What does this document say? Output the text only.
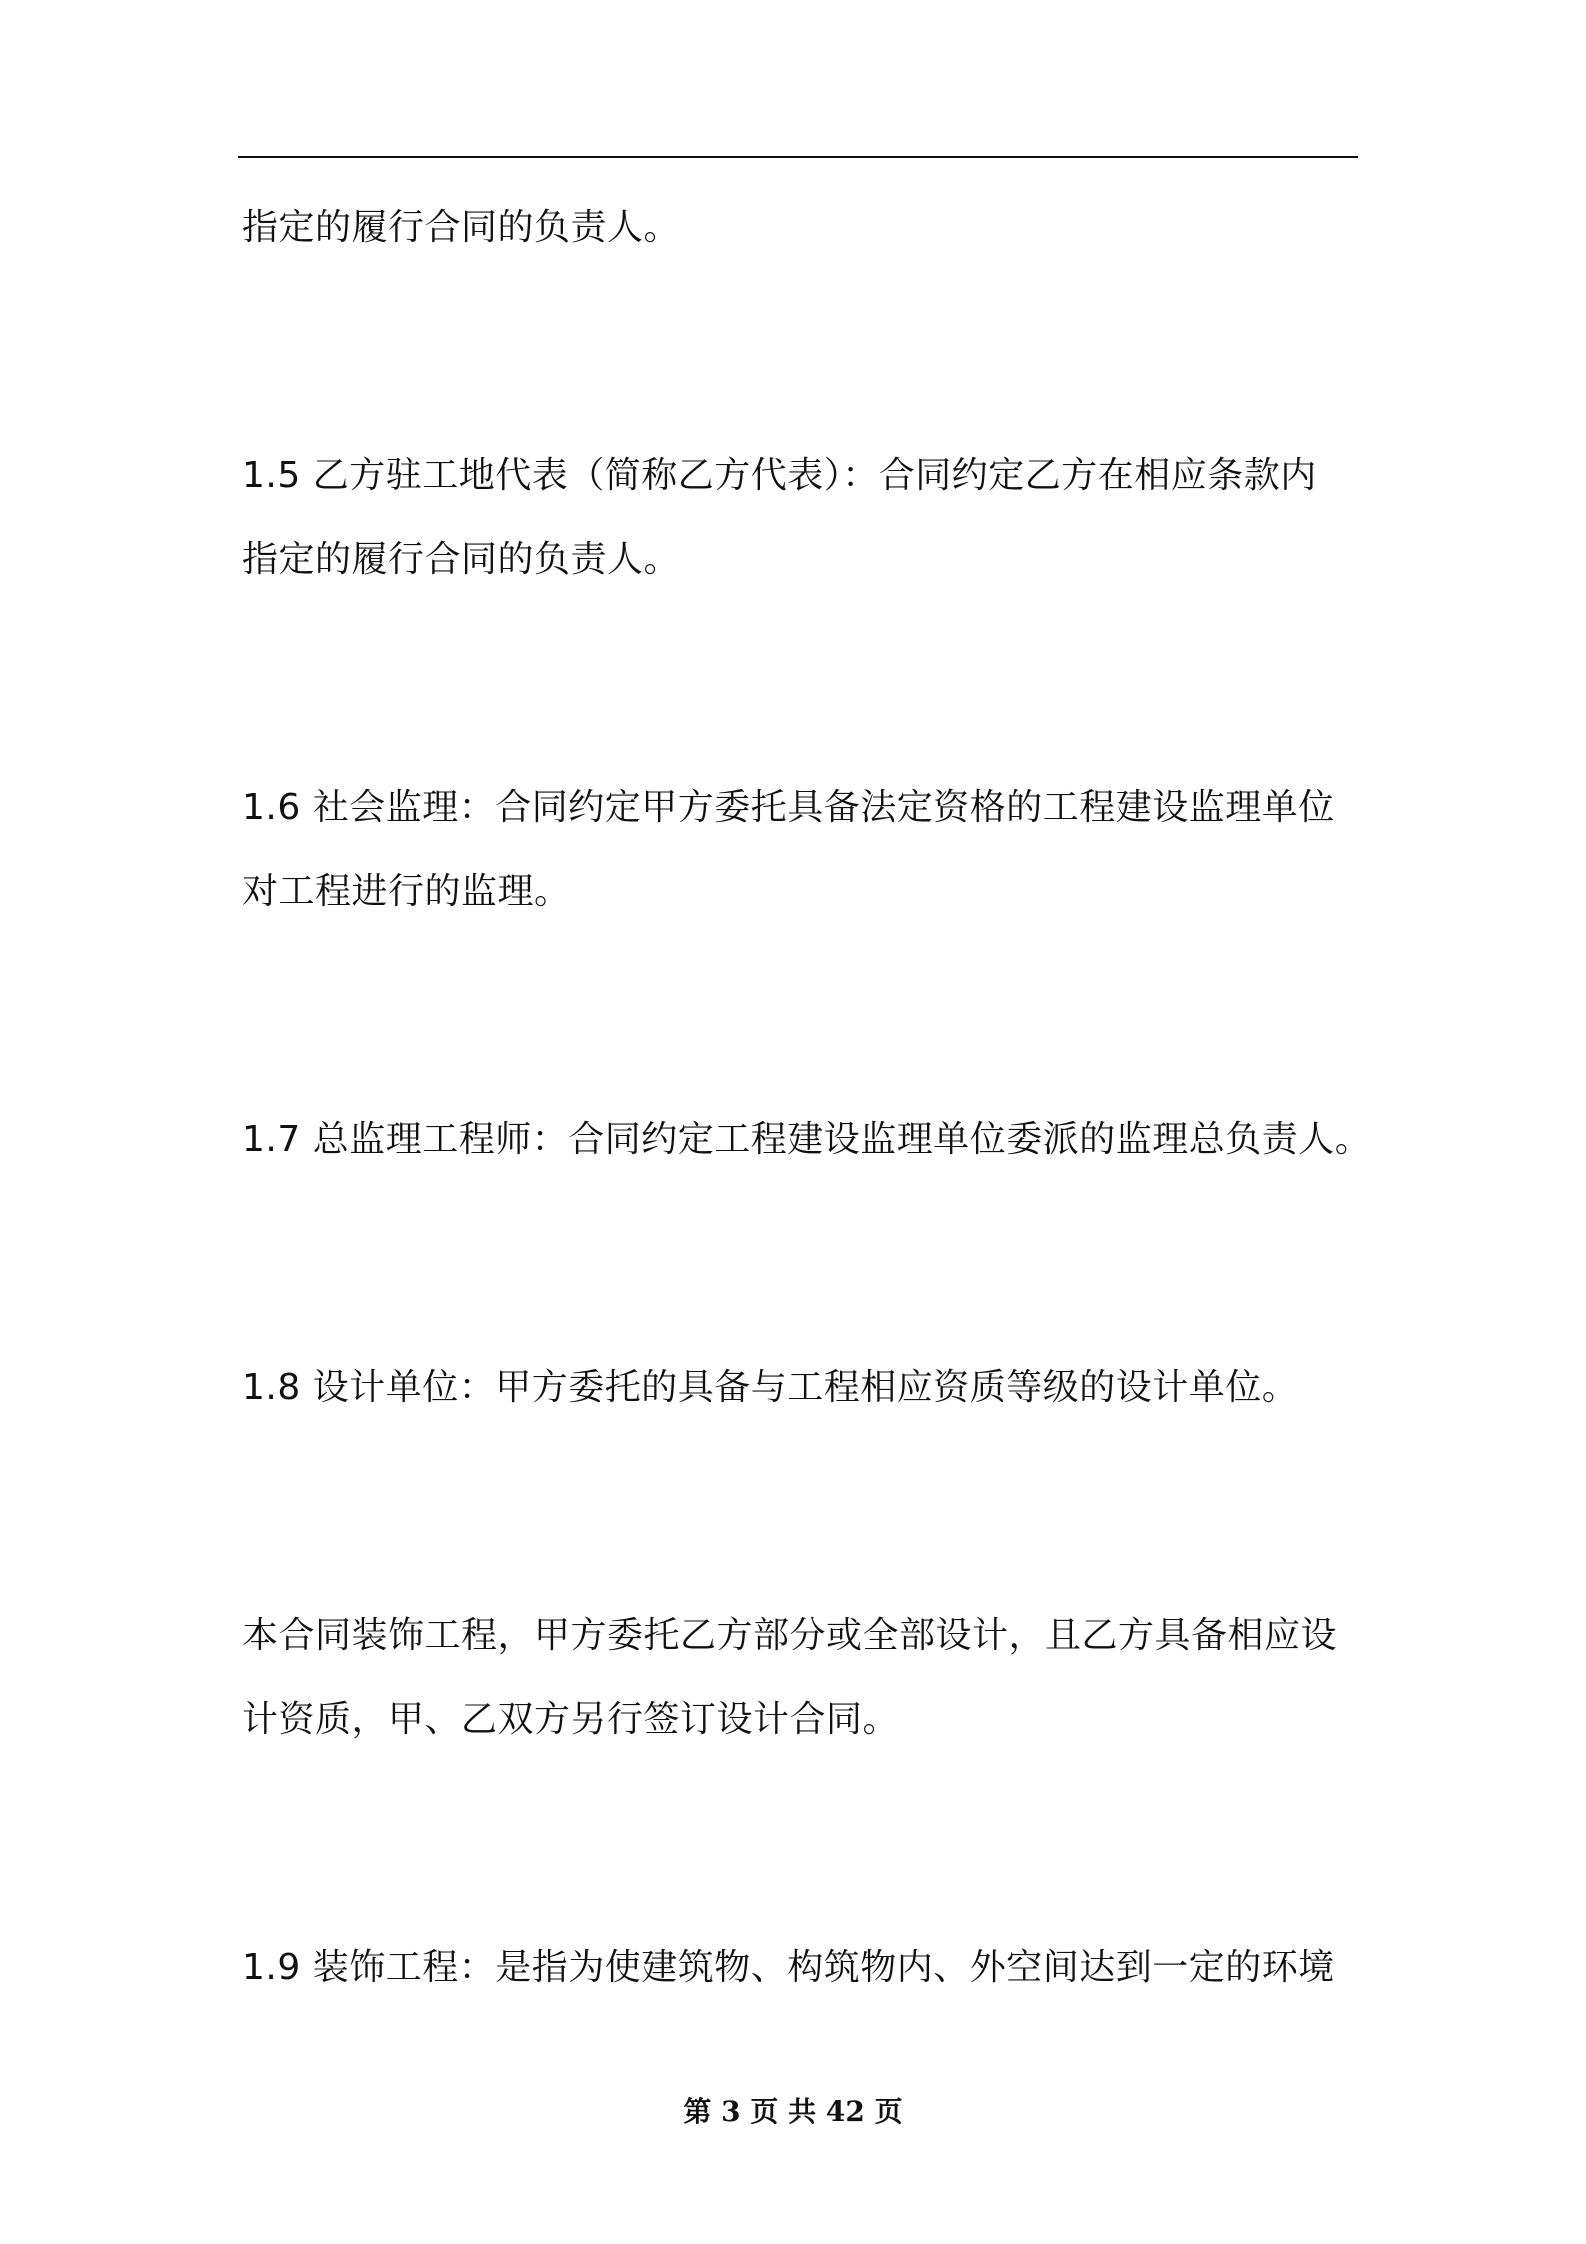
指定的履行合同的负责人。
1.5 乙方驻工地代表（简称乙方代表）：合同约定乙方在相应条款内
指定的履行合同的负责人。
1.6 社会监理：合同约定甲方委托具备法定资格的工程建设监理单位
对工程进行的监理。
1.7 总监理工程师：合同约定工程建设监理单位委派的监理总负责人。
1.8 设计单位：甲方委托的具备与工程相应资质等级的设计单位。
本合同装饰工程，甲方委托乙方部分或全部设计，且乙方具备相应设
计资质，甲、乙双方另行签订设计合同。
1.9 装饰工程：是指为使建筑物、构筑物内、外空间达到一定的环境
第 3 页 共 42 页
